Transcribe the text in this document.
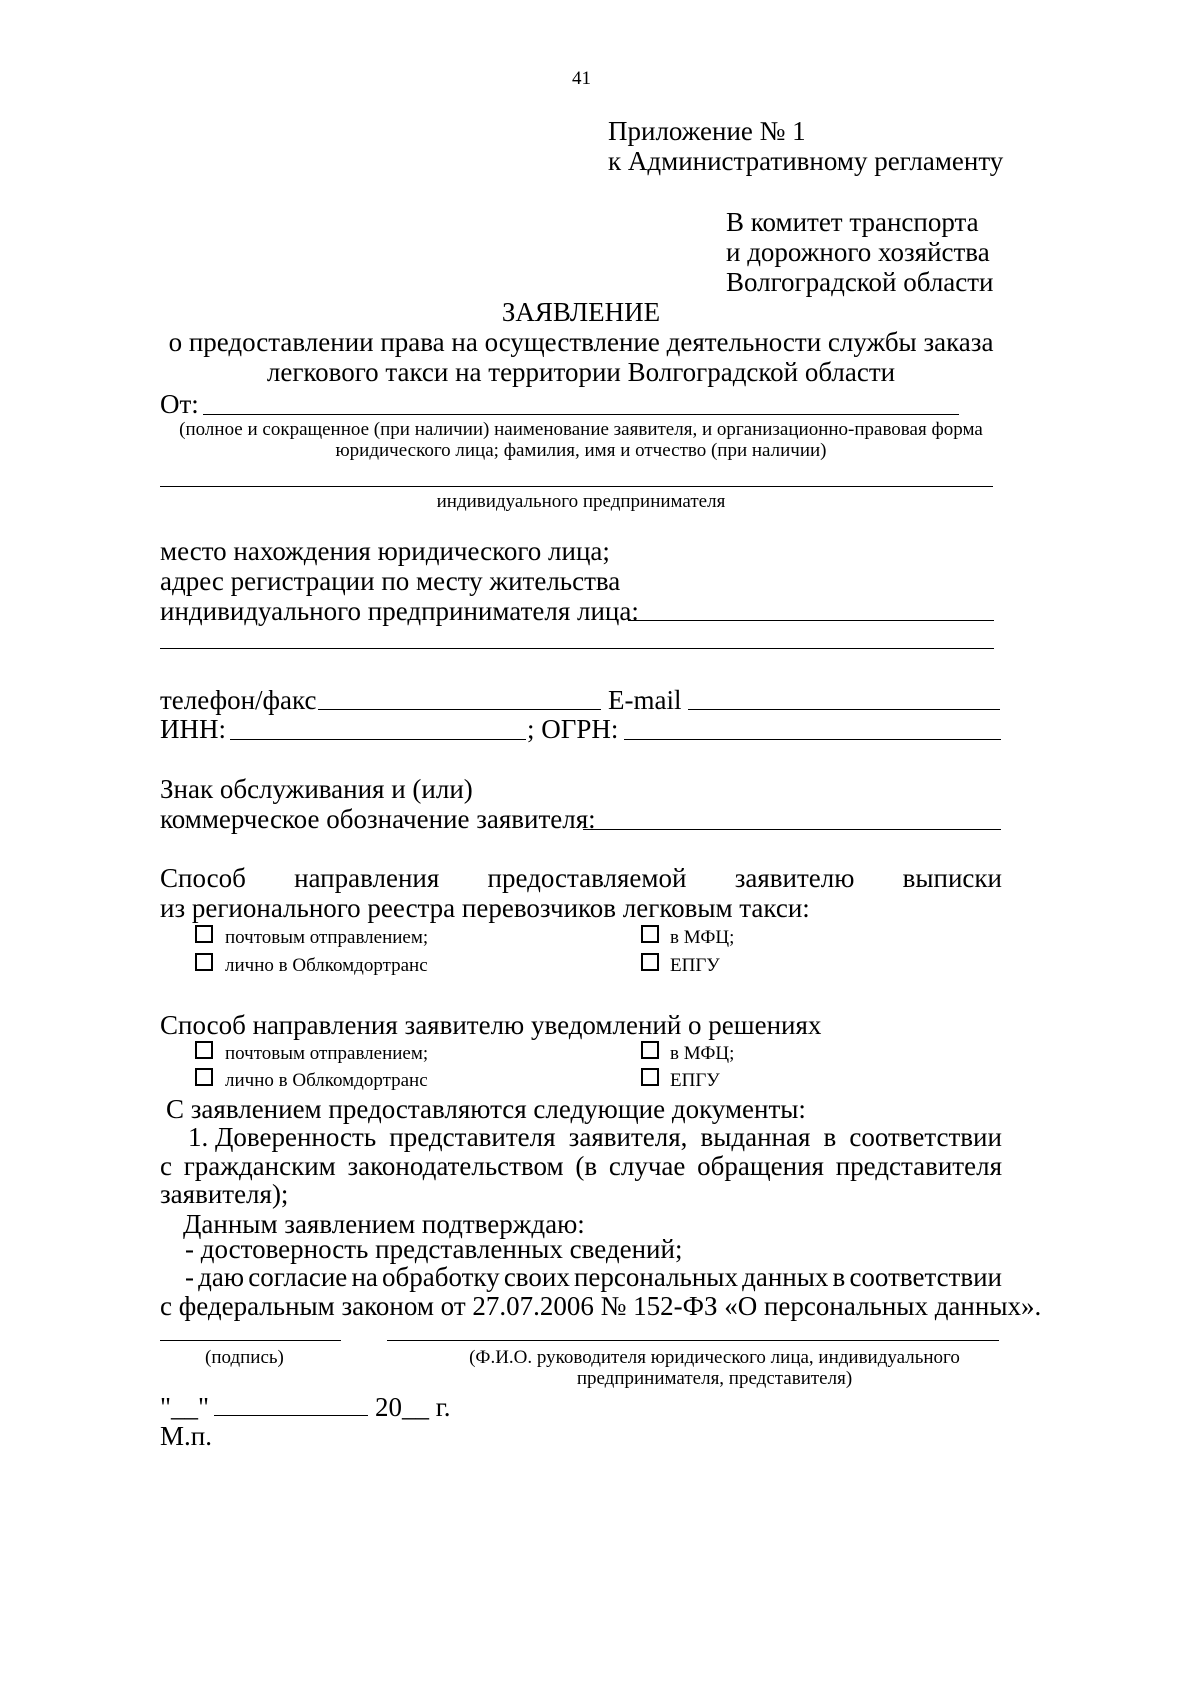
41
Приложение № 1
к Административному регламенту
В комитет транспорта
и дорожного хозяйства
Волгоградской области
ЗАЯВЛЕНИЕ
о предоставлении права на осуществление деятельности службы заказа
легкового такси на территории Волгоградской области
От:
(полное и сокращенное (при наличии) наименование заявителя, и организационно-правовая форма
юридического лица; фамилия, имя и отчество (при наличии)
индивидуального предпринимателя
место нахождения юридического лица;
адрес регистрации по месту жительства
индивидуального предпринимателя лица:
телефон/факс	E-mail
ИНН:	; ОГРН:
Знак обслуживания и (или)
коммерческое обозначение заявителя:
Способ направления предоставляемой заявителю выписки
из регионального реестра перевозчиков легковым такси:
почтовым отправлением;	в МФЦ;
лично в Облкомдортранс	ЕПГУ
Способ направления заявителю уведомлений о решениях
почтовым отправлением;	в МФЦ;
лично в Облкомдортранс	ЕПГУ
С заявлением предоставляются следующие документы:
1. Доверенность представителя заявителя, выданная в соответствии
с гражданским законодательством (в случае обращения представителя
заявителя);
Данным заявлением подтверждаю:
- достоверность представленных сведений;
- даю согласие на обработку своих персональных данных в соответствии
с федеральным законом от 27.07.2006 № 152-ФЗ «О персональных данных».
(подпись)	(Ф.И.О. руководителя юридического лица, индивидуального
предпринимателя, представителя)
"__"	20__ г.
М.п.
